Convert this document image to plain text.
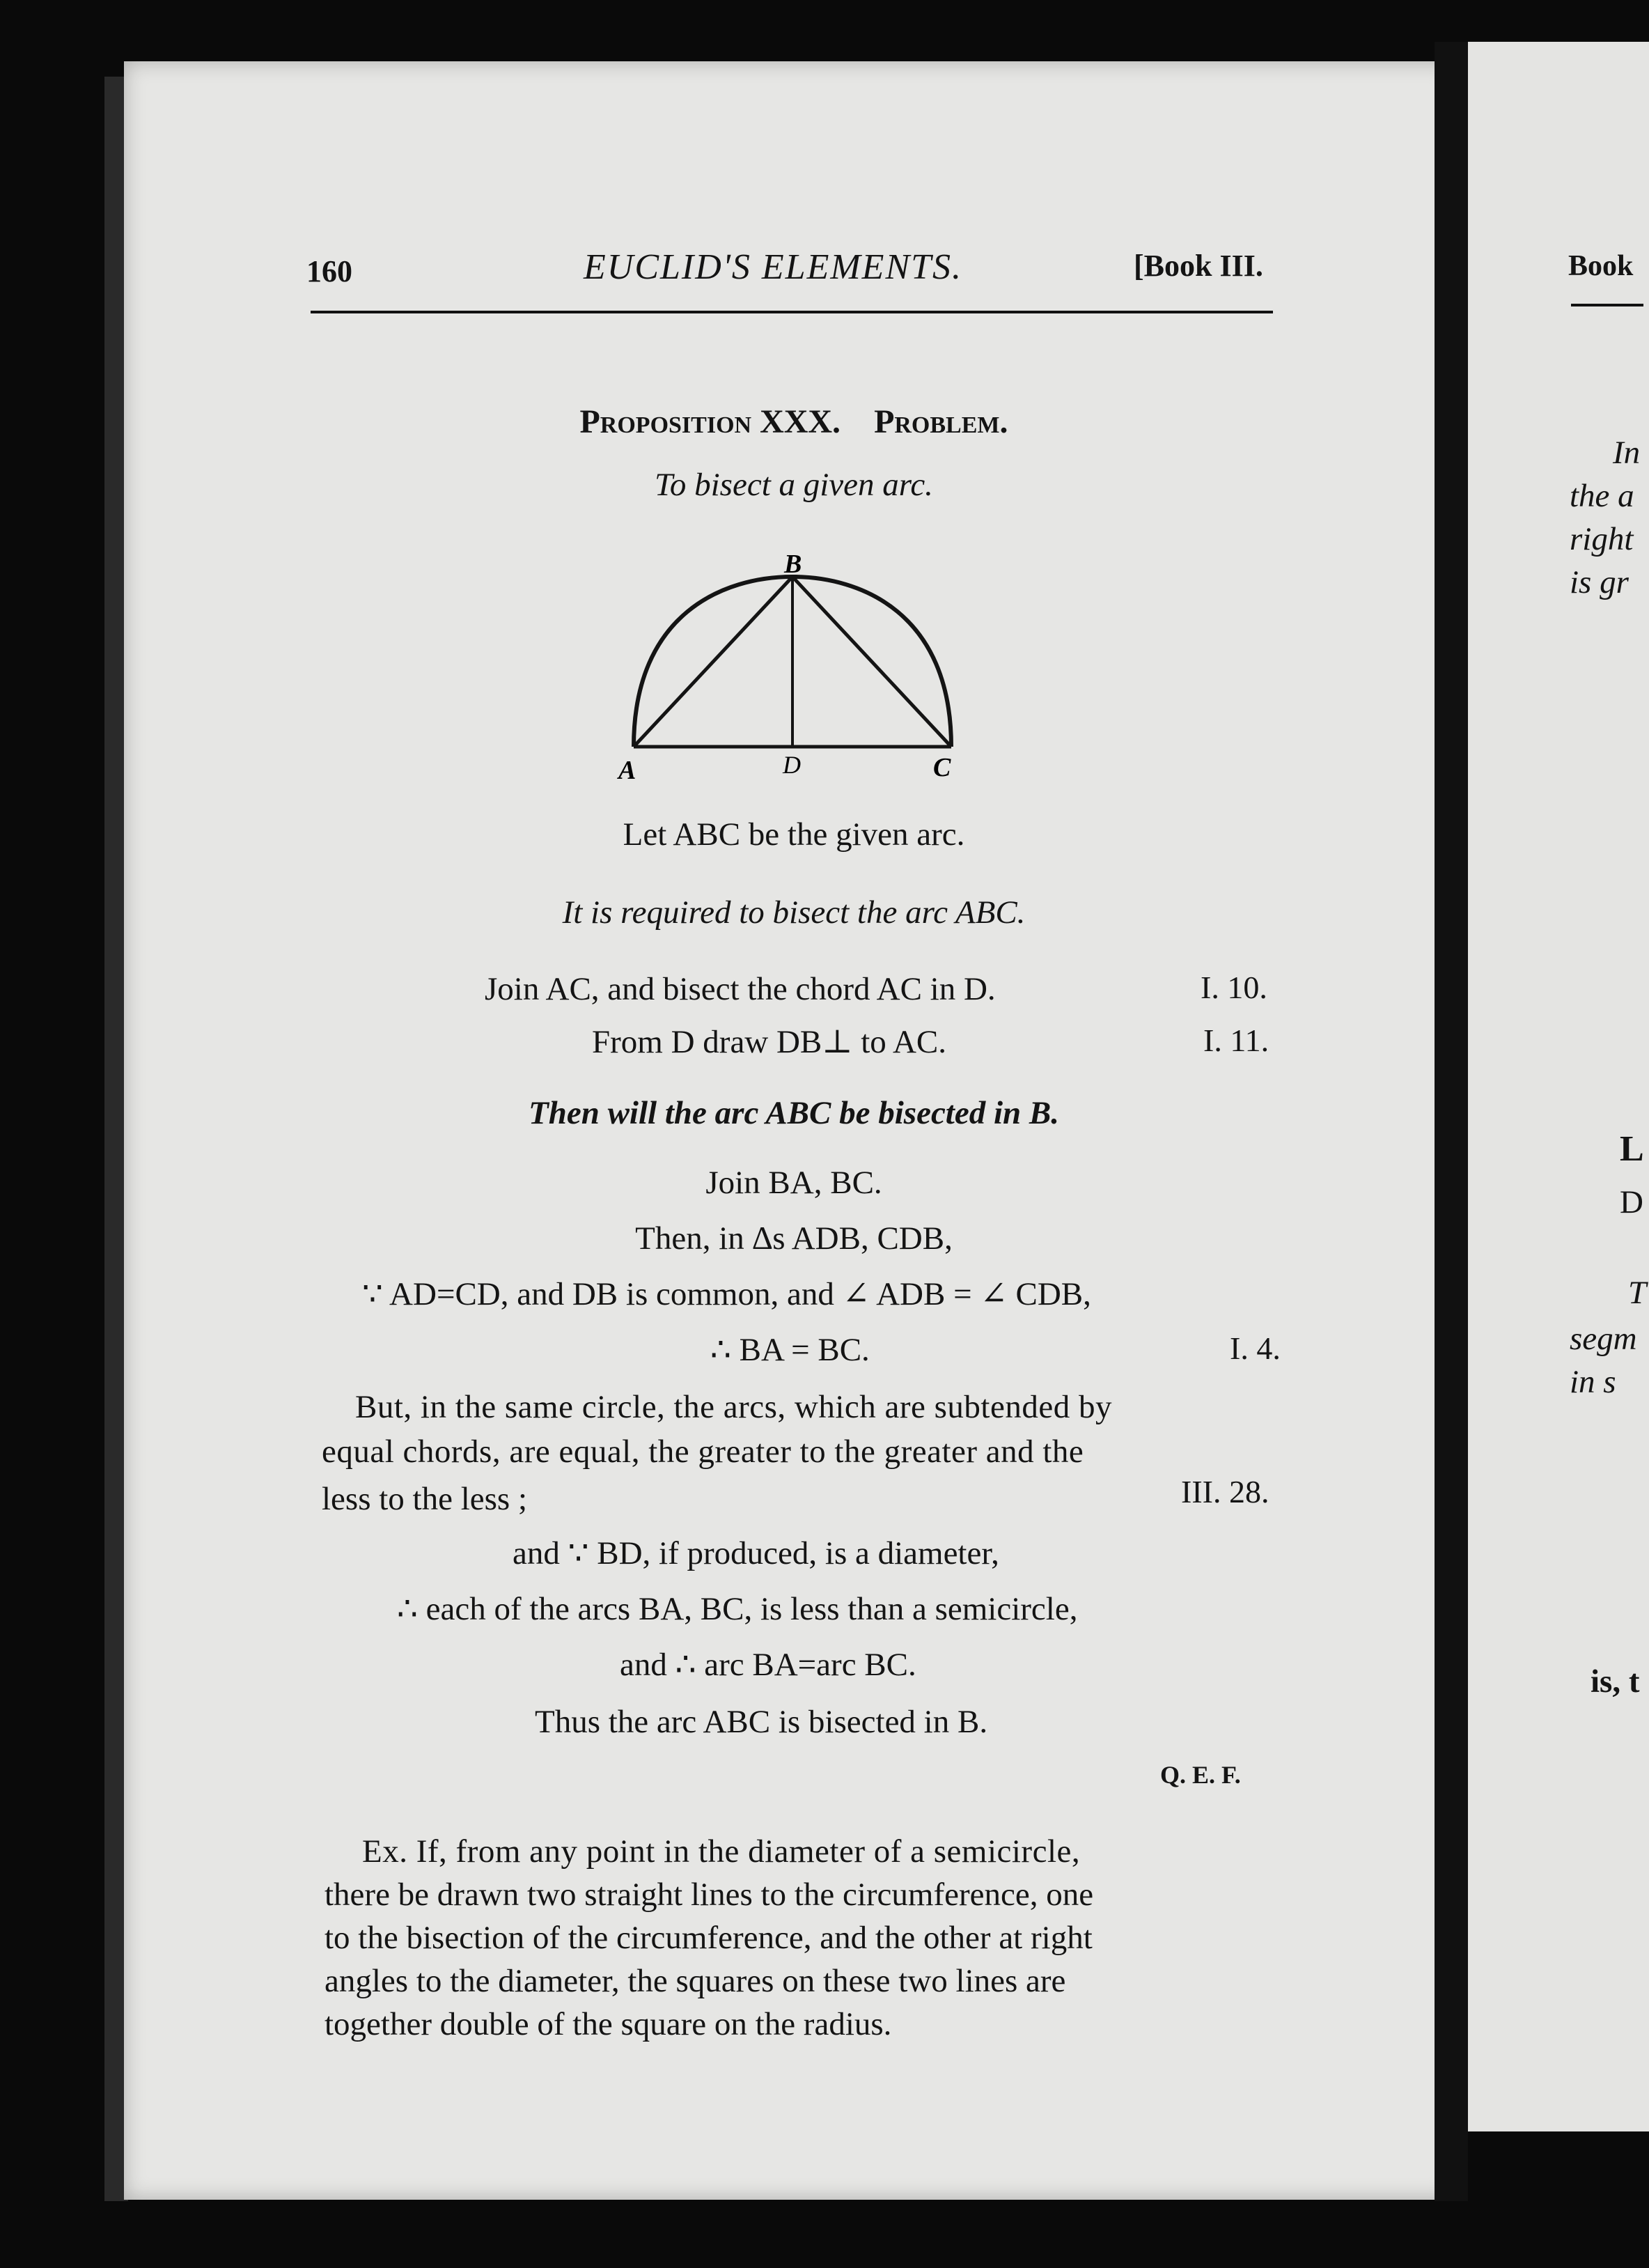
160	EUCLID'S ELEMENTS.	[Book III.
Proposition XXX. Problem.
To bisect a given arc.
A
B
C
D
Let ABC be the given arc.
It is required to bisect the arc ABC.
Join AC, and bisect the chord AC in D.	I. 10.
From D draw DB⊥ to AC.	I. 11.
Then will the arc ABC be bisected in B.
Join BA, BC.
Then, in ∆s ADB, CDB,
∵ AD=CD, and DB is common, and ∠ ADB = ∠ CDB,
∴ BA = BC.	I. 4.
But, in the same circle, the arcs, which are subtended by
equal chords, are equal, the greater to the greater and the
less to the less ;	III. 28.
and ∵ BD, if produced, is a diameter,
∴ each of the arcs BA, BC, is less than a semicircle,
and ∴ arc BA=arc BC.
Thus the arc ABC is bisected in B.
Q. E. F.
Ex. If, from any point in the diameter of a semicircle,
there be drawn two straight lines to the circumference, one
to the bisection of the circumference, and the other at right
angles to the diameter, the squares on these two lines are
together double of the square on the radius.
Book
In
the a
right
is gr
L
D
T
segm
in s
is, t
